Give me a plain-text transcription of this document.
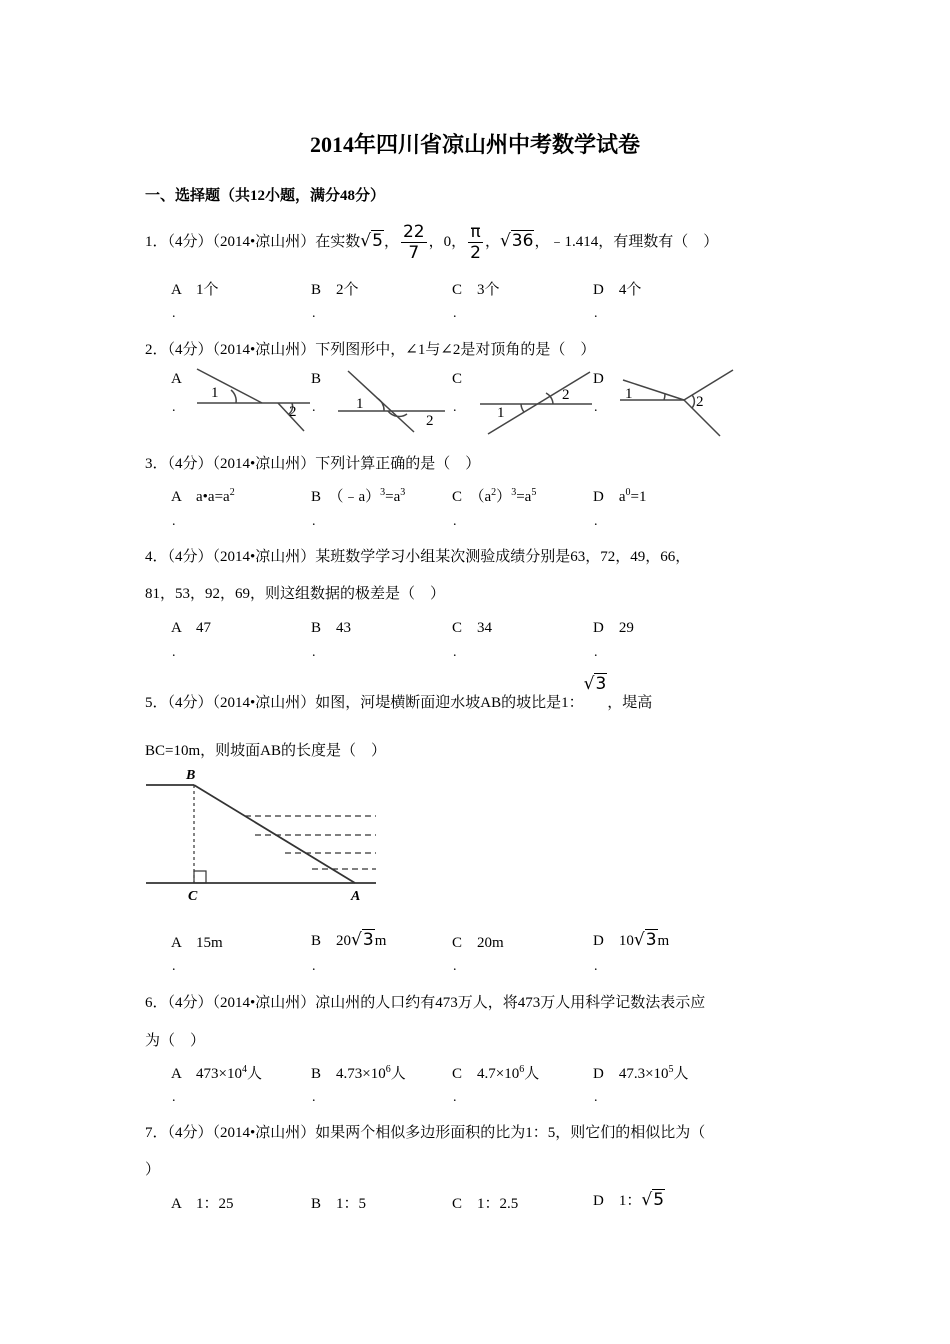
2014年四川省凉山州中考数学试卷
一、选择题（共12小题，满分48分）
1．（4分）（2014•凉山州）在实数√5， $\frac{22}{7}$ ，0， $\frac{\pi}{2}$ ，√36，﹣1.414，有理数有（　）
A　1个	B　2个	C　3个	D　4个
.	.	.	.
2．（4分）（2014•凉山州）下列图形中，∠1与∠2是对顶角的是（　）
A	B	C	D
.	.	.	.
1
2	1
2	1
2	1	2
3．（4分）（2014•凉山州）下列计算正确的是（　）
A　$a•a=a^2$	B　$(﹣a)^3=a^3$	C　$(a^2)^3=a^5$	D　$a^0=1$
.	.	.	.
4．（4分）（2014•凉山州）某班数学学习小组某次测验成绩分别是63，72，49，66，
81，53，92，69，则这组数据的极差是（　）
A　47	B　43	C　34	D　29
.	.	.	.
5．（4分）（2014•凉山州）如图，河堤横断面迎水坡AB的坡比是1：√3，堤高
BC=10m，则坡面AB的长度是（　）
B
C	A
A　15m	B　20√3m	C　20m	D　10√3m
.	.	.	.
6．（4分）（2014•凉山州）凉山州的人口约有473万人，将473万人用科学记数法表示应
为（　）
A　$473\times 10^4$人	B　$4.73\times 10^6$人	C　$4.7\times 10^6$人	D　$47.3\times 10^5$人
.	.	.	.
7．（4分）（2014•凉山州）如果两个相似多边形面积的比为1：5，则它们的相似比为（
）
A　1：25	B　1：5	C　1：2.5	D　1：√5
